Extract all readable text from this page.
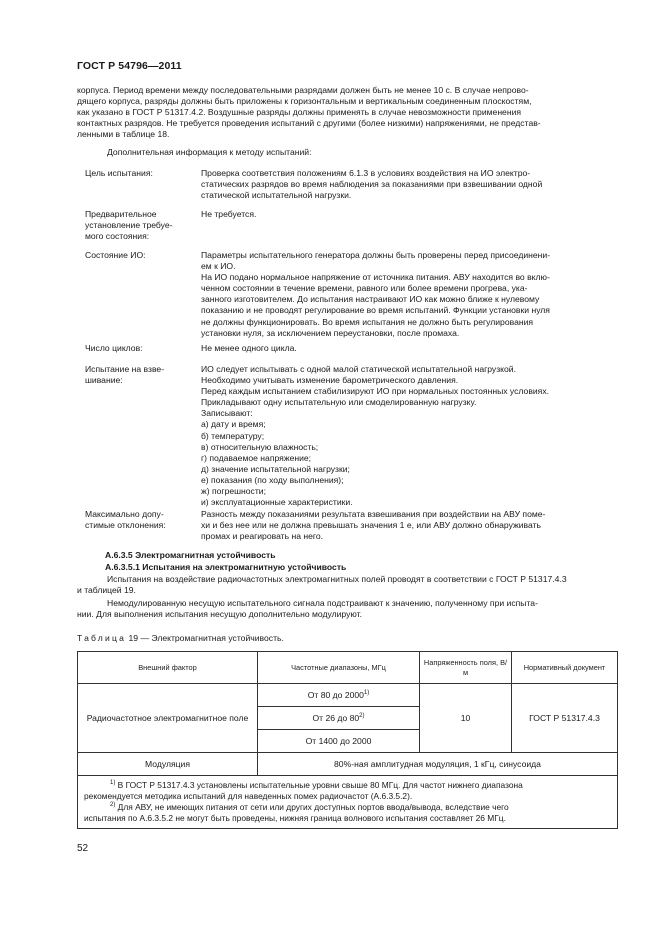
ГОСТ Р 54796—2011
корпуса. Период времени между последовательными разрядами должен быть не менее 10 с. В случае непрово-
дящего корпуса, разряды должны быть приложены к горизонтальным и вертикальным соединенным плоскостям,
как указано в ГОСТ Р 51317.4.2. Воздушные разряды должны применять в случае невозможности применения
контактных разрядов. Не требуется проведения испытаний с другими (более низкими) напряжениями, не представ-
ленными в таблице 18.
Дополнительная информация к методу испытаний:
Цель испытания:	Проверка соответствия положениям 6.1.3 в условиях воздействия на ИО электро-
статических разрядов во время наблюдения за показаниями при взвешивании одной
статической испытательной нагрузки.
Предварительное
установление требуе-
мого состояния:
Не требуется.
Состояние ИО:	Параметры испытательного генератора должны быть проверены перед присоединени-
ем к ИО.
На ИО подано нормальное напряжение от источника питания. АВУ находится во вклю-
ченном состоянии в течение времени, равного или более времени прогрева, ука-
занного изготовителем. До испытания настраивают ИО как можно ближе к нулевому
показанию и не проводят регулирование во время испытаний. Функции установки нуля
не должны функционировать. Во время испытания не должно быть регулирования
установки нуля, за исключением переустановки, после промаха.
Число циклов:	Не менее одного цикла.
Испытание на взве-
шивание:
ИО следует испытывать с одной малой статической испытательной нагрузкой.
Необходимо учитывать изменение барометрического давления.
Перед каждым испытанием стабилизируют ИО при нормальных постоянных условиях.
Прикладывают одну испытательную или смоделированную нагрузку.
Записывают:
а) дату и время;
б) температуру;
в) относительную влажность;
г) подаваемое напряжение;
д) значение испытательной нагрузки;
е) показания (по ходу выполнения);
ж) погрешности;
и) эксплуатационные характеристики.
Максимально допу-
стимые отклонения:
Разность между показаниями результата взвешивания при воздействии на АВУ поме-
хи и без нее или не должна превышать значения 1 e, или АВУ должно обнаруживать
промах и реагировать на него.
А.6.3.5 Электромагнитная устойчивость
А.6.3.5.1 Испытания на электромагнитную устойчивость
Испытания на воздействие радиочастотных электромагнитных полей проводят в соответствии с ГОСТ Р 51317.4.3
и таблицей 19.
Немодулированную несущую испытательного сигнала подстраивают к значению, полученному при испыта-
нии. Для выполнения испытания несущую дополнительно модулируют.
Таблица 19 — Электромагнитная устойчивость.
Внешний фактор	Частотные диапазоны, МГц	Напряженность поля, В/м	Нормативный документ
Радиочастотное электромагнитное поле	От 80 до 2000$^{1)}$	10	ГОСТ Р 51317.4.3
	От 26 до 80$^{2)}$
	От 1400 до 2000		
Модуляция	80%-ная амплитудная модуляция, 1 кГц, синусоида		

$^{1)}$ В ГОСТ Р 51317.4.3 установлены испытательные уровни свыше 80 МГц. Для частот нижнего диапазона
рекомендуется методика испытаний для наведенных помех радиочастот (А.6.3.5.2).
$^{2)}$ Для АВУ, не имеющих питания от сети или других доступных портов ввода/вывода, вследствие чего
испытания по А.6.3.5.2 не могут быть проведены, нижняя граница волнового испытания составляет 26 МГц.			
52
